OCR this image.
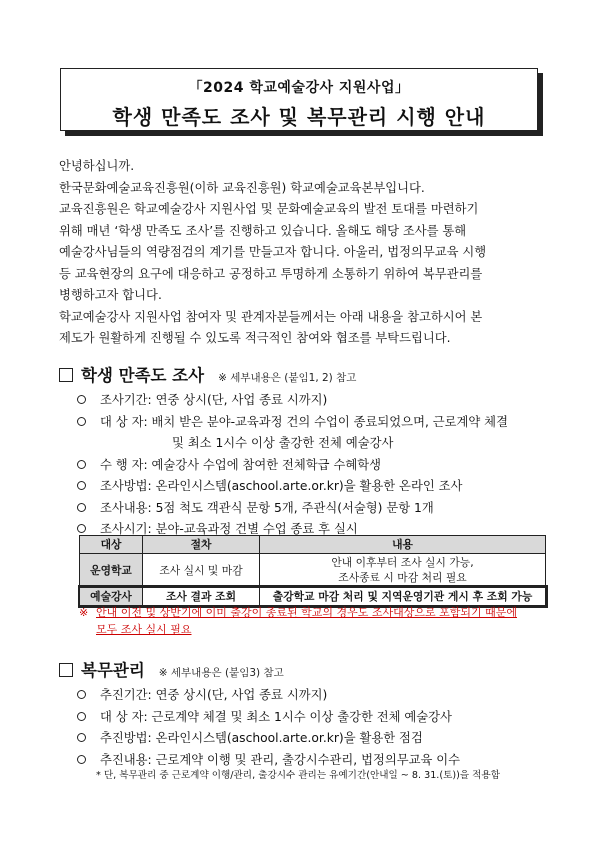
「2024 학교예술강사 지원사업」
학생 만족도 조사 및 복무관리 시행 안내

안녕하십니까.

한국문화예술교육진흥원(이하 교육진흥원) 학교예술교육본부입니다.

교육진흥원은 학교예술강사 지원사업 및 문화예술교육의 발전 토대를 마련하기

위해 매년 ‘학생 만족도 조사’를 진행하고 있습니다. 올해도 해당 조사를 통해

예술강사님들의 역량점검의 계기를 만들고자 합니다. 아울러, 법정의무교육 시행

등 교육현장의 요구에 대응하고 공정하고 투명하게 소통하기 위하여 복무관리를

병행하고자 합니다.

학교예술강사 지원사업 참여자 및 관계자분들께서는 아래 내용을 참고하시어 본

제도가 원활하게 진행될 수 있도록 적극적인 참여와 협조를 부탁드립니다.

학생 만족도 조사 ※ 세부내용은 (붙임1, 2) 참고
조사기간: 연중 상시(단, 사업 종료 시까지)
대 상 자: 배치 받은 분야-교육과정 건의 수업이 종료되었으며, 근로계약 체결
및 최소 1시수 이상 출강한 전체 예술강사
수 행 자: 예술강사 수업에 참여한 전체학급 수혜학생
조사방법: 온라인시스템(aschool.arte.or.kr)을 활용한 온라인 조사
조사내용: 5점 척도 객관식 문항 5개, 주관식(서술형) 문항 1개
조사시기: 분야-교육과정 건별 수업 종료 후 실시
대상	절차	내용
운영학교	조사 실시 및 마감	안내 이후부터 조사 실시 가능,
조사종료 시 마감 처리 필요

예술강사	조사 결과 조회	출강학교 마감 처리 및 지역운영기관 게시 후 조회 가능
※ 안내 이전 및 상반기에 이미 출강이 종료된 학교의 경우도 조사대상으로 포함되기 때문에
모두 조사 실시 필요
복무관리 ※ 세부내용은 (붙임3) 참고
추진기간: 연중 상시(단, 사업 종료 시까지)
대 상 자: 근로계약 체결 및 최소 1시수 이상 출강한 전체 예술강사
추진방법: 온라인시스템(aschool.arte.or.kr)을 활용한 점검
추진내용: 근로계약 이행 및 관리, 출강시수관리, 법정의무교육 이수
* 단, 복무관리 중 근로계약 이행/관리, 출강시수 관리는 유예기간(안내일 ~ 8. 31.(토))을 적용함
